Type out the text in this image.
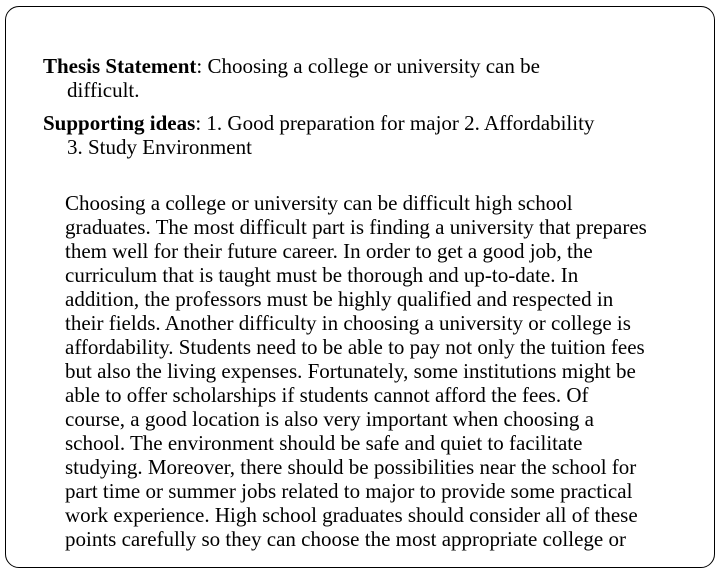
Thesis Statement: Choosing a college or university can be
difficult.
Supporting ideas: 1. Good preparation for major 2. Affordability
3. Study Environment
Choosing a college or university can be difficult high school
graduates. The most difficult part is finding a university that prepares
them well for their future career. In order to get a good job, the
curriculum that is taught must be thorough and up-to-date. In
addition, the professors must be highly qualified and respected in
their fields. Another difficulty in choosing a university or college is
affordability. Students need to be able to pay not only the tuition fees
but also the living expenses. Fortunately, some institutions might be
able to offer scholarships if students cannot afford the fees. Of
course, a good location is also very important when choosing a
school. The environment should be safe and quiet to facilitate
studying. Moreover, there should be possibilities near the school for
part time or summer jobs related to major to provide some practical
work experience. High school graduates should consider all of these
points carefully so they can choose the most appropriate college or
